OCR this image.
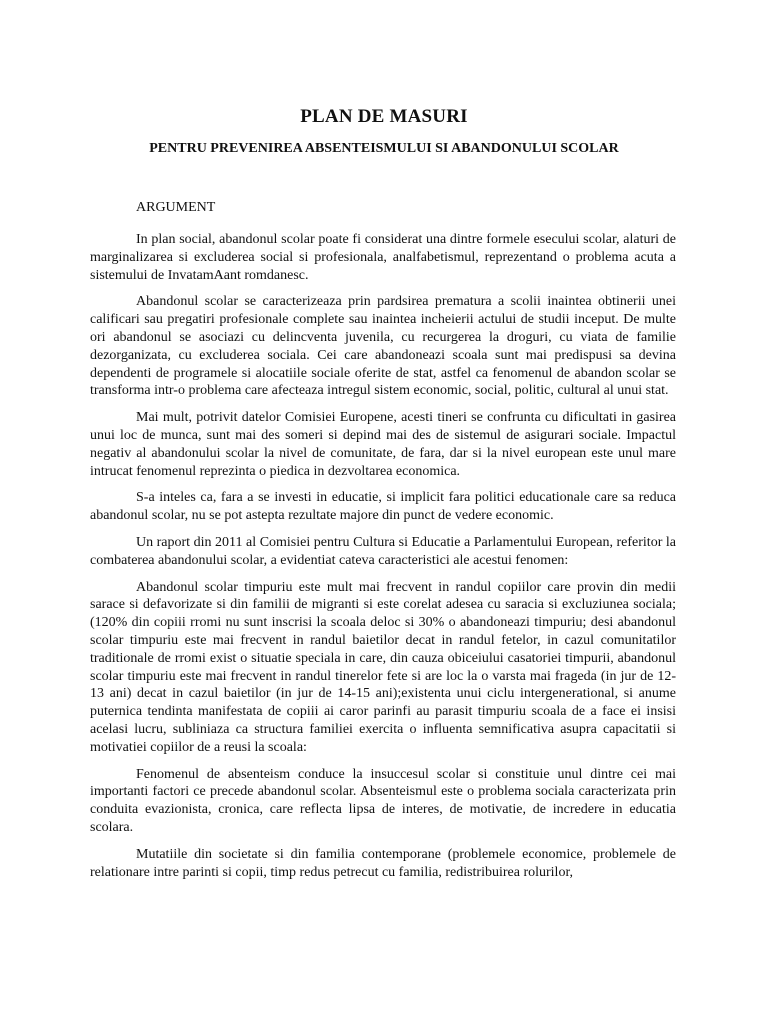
PLAN DE MASURI
PENTRU PREVENIREA ABSENTEISMULUI SI ABANDONULUI SCOLAR
ARGUMENT

In plan social, abandonul scolar poate fi considerat una dintre formele esecului scolar, alaturi de marginalizarea si excluderea social si profesionala, analfabetismul, reprezentand o problema acuta a sistemului de InvatamAant romdanesc.

Abandonul scolar se caracterizeaza prin pardsirea prematura a scolii inaintea obtinerii unei calificari sau pregatiri profesionale complete sau inaintea incheierii actului de studii inceput. De multe ori abandonul se asociazi cu delincventa juvenila, cu recurgerea la droguri, cu viata de familie dezorganizata, cu excluderea sociala. Cei care abandoneazi scoala sunt mai predispusi sa devina dependenti de programele si alocatiile sociale oferite de stat, astfel ca fenomenul de abandon scolar se transforma intr-o problema care afecteaza intregul sistem economic, social, politic, cultural al unui stat.

Mai mult, potrivit datelor Comisiei Europene, acesti tineri se confrunta cu dificultati in gasirea unui loc de munca, sunt mai des someri si depind mai des de sistemul de asigurari sociale. Impactul negativ al abandonului scolar la nivel de comunitate, de fara, dar si la nivel european este unul mare intrucat fenomenul reprezinta o piedica in dezvoltarea economica.

S-a inteles ca, fara a se investi in educatie, si implicit fara politici educationale care sa reduca abandonul scolar, nu se pot astepta rezultate majore din punct de vedere economic.

Un raport din 2011 al Comisiei pentru Cultura si Educatie a Parlamentului European, referitor la combaterea abandonului scolar, a evidentiat cateva caracteristici ale acestui fenomen:

Abandonul scolar timpuriu este mult mai frecvent in randul copiilor care provin din medii sarace si defavorizate si din familii de migranti si este corelat adesea cu saracia si excluziunea sociala;(120% din copiii rromi nu sunt inscrisi la scoala deloc si 30% o abandoneazi timpuriu; desi abandonul scolar timpuriu este mai frecvent in randul baietilor decat in randul fetelor, in cazul comunitatilor traditionale de rromi exist o situatie speciala in care, din cauza obiceiului casatoriei timpurii, abandonul scolar timpuriu este mai frecvent in randul tinerelor fete si are loc la o varsta mai frageda (in jur de 12-13 ani) decat in cazul baietilor (in jur de 14-15 ani);existenta unui ciclu intergenerational, si anume puternica tendinta manifestata de copiii ai caror parinfi au parasit timpuriu scoala de a face ei insisi acelasi lucru, subliniaza ca structura familiei exercita o influenta semnificativa asupra capacitatii si motivatiei copiilor de a reusi la scoala:

Fenomenul de absenteism conduce la insuccesul scolar si constituie unul dintre cei mai importanti factori ce precede abandonul scolar. Absenteismul este o problema sociala caracterizata prin conduita evazionista, cronica, care reflecta lipsa de interes, de motivatie, de incredere in educatia scolara.

Mutatiile din societate si din familia contemporane (problemele economice, problemele de relationare intre parinti si copii, timp redus petrecut cu familia, redistribuirea rolurilor,
